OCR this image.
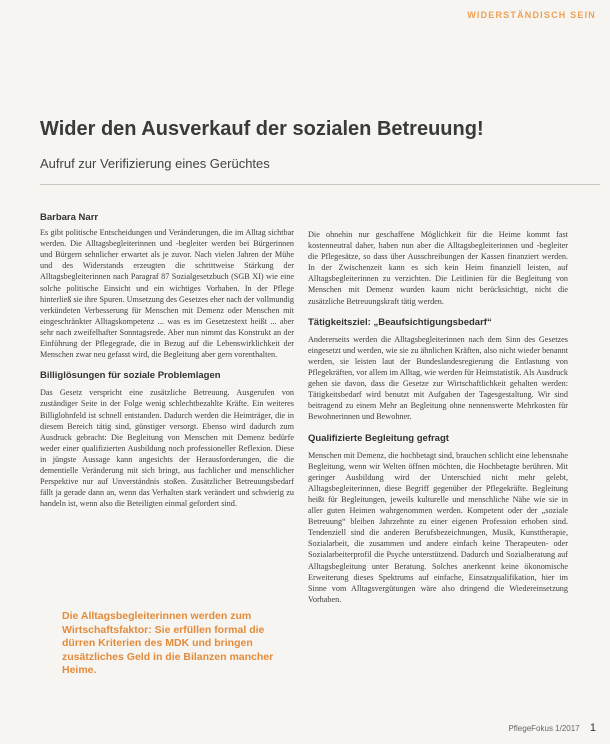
WIDERSTÄNDISCH SEIN
Wider den Ausverkauf der sozialen Betreuung!
Aufruf zur Verifizierung eines Gerüchtes
Barbara Narr

Es gibt politische Entscheidungen und Veränderungen, die im Alltag sichtbar werden. Die Alltagsbegleiterinnen und -begleiter werden bei Bürgerinnen und Bürgern sehnlicher erwartet als je zuvor. Nach vielen Jahren der Mühe und des Widerstands erzeugten die schrittweise Stärkung der Alltagsbegleiterinnen nach Paragraf 87 Sozialgesetzbuch (SGB XI) wie eine solche politische Einsicht und ein wichtiges Vorhaben. In der Pflege hinterließ sie ihre Spuren. Umsetzung des Gesetzes eher nach der vollmundig verkündeten Verbesserung für Menschen mit Demenz oder Menschen mit eingeschränkter Alltagskompetenz ... was es im Gesetzestext heißt ... aber sehr nach zweifelhafter Sonntagsrede. Aber nun nimmt das Konstrukt an der Einführung der Pflegegrade, die in Bezug auf die Lebenswirklichkeit der Menschen zwar neu gefasst wird, die Begleitung aber gern vorenthalten.

Billiglösungen für soziale Problemlagen

Das Gesetz verspricht eine zusätzliche Betreuung. Ausgerufen von zuständiger Seite in der Folge wenig schlechtbezahlte Kräfte. Ein weiteres Billiglohnfeld ist schnell entstanden. Dadurch werden die Heimträger, die in diesem Bereich tätig sind, günstiger versorgt. Ebenso wird dadurch zum Ausdruck gebracht: Die Begleitung von Menschen mit Demenz bedürfe weder einer qualifizierten Ausbildung noch professioneller Reflexion. Diese in jüngste Aussage kann angesichts der Herausforderungen, die die dementielle Veränderung mit sich bringt, aus fachlicher und menschlicher Perspektive nur auf Unverständnis stoßen. Zusätzlicher Betreuungsbedarf fällt ja gerade dann an, wenn das Verhalten stark verändert und schwierig zu handeln ist, wenn also die Beteiligten einmal gefordert sind.

Die Alltagsbegleiterinnen werden zum Wirtschaftsfaktor: Sie erfüllen formal die dürren Kriterien des MDK und bringen zusätzliches Geld in die Bilanzen mancher Heime.

Die ohnehin nur geschaffene Möglichkeit für die Heime kommt fast kostenneutral daher, haben nun aber die Alltagsbegleiterinnen und -begleiter die Pflegesätze, so dass über Ausschreibungen der Kassen finanziert werden. In der Zwischenzeit kann es sich kein Heim finanziell leisten, auf Alltagsbegleiterinnen zu verzichten. Die Leitlinien für die Begleitung von Menschen mit Demenz wurden kaum nicht berücksichtigt, nicht die zusätzliche Betreuungskraft tätig werden.

Tätigkeitsziel: „Beaufsichtigungsbedarf“

Andererseits werden die Alltagsbegleiterinnen nach dem Sinn des Gesetzes eingesetzt und werden, wie sie zu ähnlichen Kräften, also nicht wieder benannt werden, sie leisten laut der Bundeslandesregierung die Entlastung von Pflegekräften, vor allem im Alltag, wie werden für Heimstatistik. Als Ausdruck gehen sie davon, dass die Gesetze zur Wirtschaftlichkeit gehalten werden: Tätigkeitsbedarf wird benutzt mit Aufgaben der Tagesgestaltung. Wir sind beitragend zu einem Mehr an Begleitung ohne nennenswerte Mehrkosten für Bewohnerinnen und Bewohner.

Qualifizierte Begleitung gefragt

Menschen mit Demenz, die hochbetagt sind, brauchen schlicht eine lebensnahe Begleitung, wenn wir Welten öffnen möchten, die Hochbetagte berühren. Mit geringer Ausbildung wird der Unterschied nicht mehr gelebt, Alltagsbegleiterinnen, diese Begriff gegenüber der Pflegekräfte. Begleitung heißt für Begleitungen, jeweils kulturelle und menschliche Nähe wie sie in aller guten Heimen wahrgenommen werden. Kompetent oder der „soziale Betreuung“ bleiben Jahrzehnte zu einer eigenen Profession erhoben sind. Tendenziell sind die anderen Berufsbezeichnungen, Musik, Kunsttherapie, Sozialarbeit, die zusammen und andere einfach keine Therapeuten- oder Sozialarbeiterprofil die Psyche unterstützend. Dadurch und Sozialberatung auf Alltagsbegleitung unter Beratung. Solches anerkennt keine ökonomische Erweiterung dieses Spektrums auf einfache, Einsatzqualifikation, hier im Sinne vom Alltagsvergütungen wäre also dringend die Wiedereinsetzung Vorhaben.

PflegeFokus 1/2017 1
